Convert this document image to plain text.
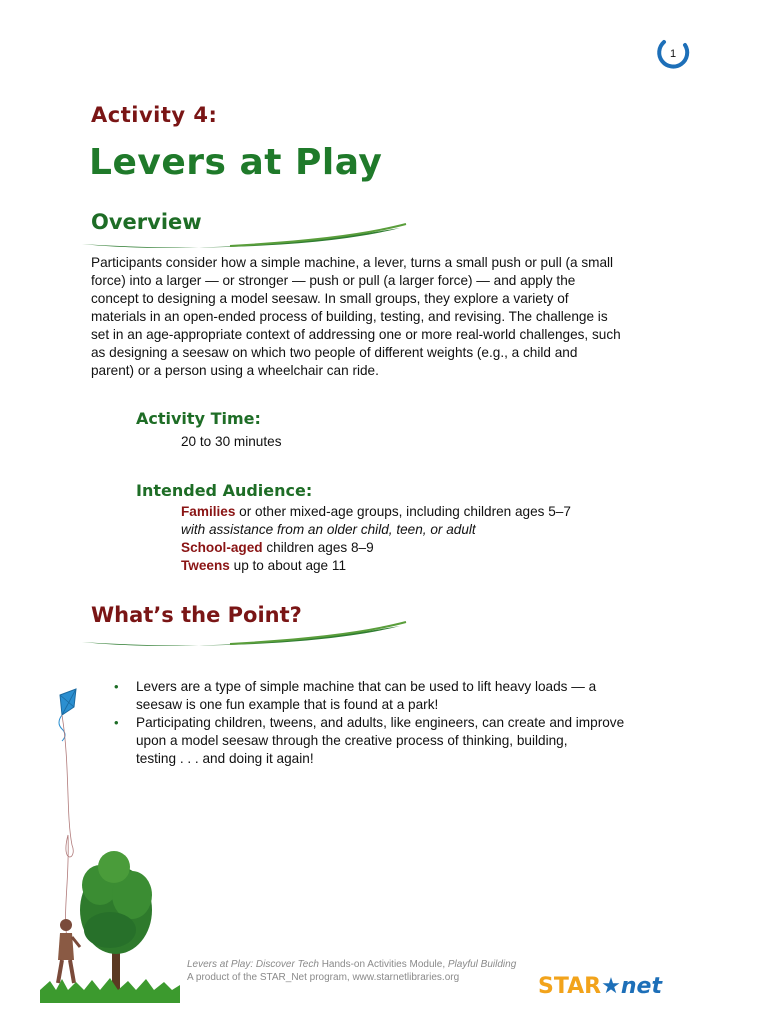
1
Activity 4:
Levers at Play
Overview
Participants consider how a simple machine, a lever, turns a small push or pull (a small
force) into a larger — or stronger — push or pull (a larger force) — and apply the
concept to designing a model seesaw. In small groups, they explore a variety of
materials in an open-ended process of building, testing, and revising. The challenge is
set in an age-appropriate context of addressing one or more real-world challenges, such
as designing a seesaw on which two people of different weights (e.g., a child and
parent) or a person using a wheelchair can ride.
Activity Time:
20 to 30 minutes
Intended Audience:
Families or other mixed-age groups, including children ages 5–7
with assistance from an older child, teen, or adult
School-aged children ages 8–9
Tweens up to about age 11
What’s the Point?
• Levers are a type of simple machine that can be used to lift heavy loads — a
seesaw is one fun example that is found at a park!
• Participating children, tweens, and adults, like engineers, can create and improve
upon a model seesaw through the creative process of thinking, building,
testing . . . and doing it again!
Levers at Play: Discover Tech Hands-on Activities Module, Playful Building
A product of the STAR_Net program, www.starnetlibraries.org	STAR★net
